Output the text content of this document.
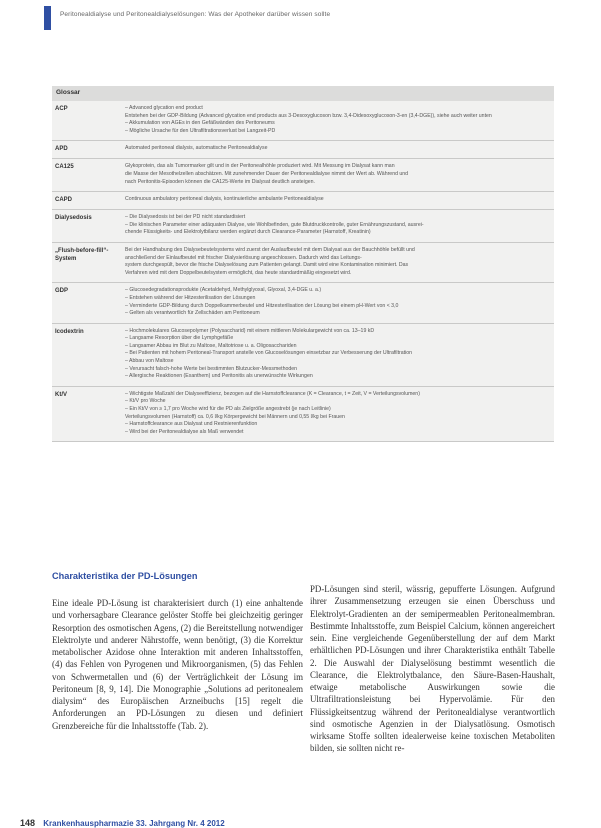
Peritonealdialyse und Peritonealdialyselösungen: Was der Apotheker darüber wissen sollte
Glossar
ACP	– Advanced glycation end product
Entstehen bei der GDP-Bildung (Advanced glycation end products aus 3-Desoxyglucoson bzw. 3,4-Didesoxyglucoson-3-en (3,4-DGE)), siehe auch weiter unten
– Akkumulation von AGEs in den Gefäßwänden des Peritoneums
– Mögliche Ursache für den Ultrafiltrationsverlust bei Langzeit-PD
APD	Automated peritoneal dialysis, automatische Peritonealdialyse
CA125	Glykoprotein, das als Tumormarker gilt und in der Peritonealhöhle produziert wird. Mit Messung im Dialysat kann man
die Masse der Mesothelzellen abschätzen. Mit zunehmender Dauer der Peritonealdialyse nimmt der Wert ab. Während und
nach Peritonitis-Episoden können die CA125-Werte im Dialysat deutlich ansteigen.
CAPD	Continuous ambulatory peritoneal dialysis, kontinuierliche ambulante Peritonealdialyse
Dialysedosis	– Die Dialysedosis ist bei der PD nicht standardisiert
– Die klinischen Parameter einer adäquaten Dialyse, wie Wohlbefinden, gute Blutdruckkontrolle, guter Ernährungszustand, ausrei-
chende Flüssigkeits- und Elektrolytbilanz werden ergänzt durch Clearance-Parameter (Harnstoff, Kreatinin)
„Flush-before-fill“-System
Bei der Handhabung des Dialysebeutelsystems wird zuerst der Auslaufbeutel mit dem Dialysat aus der Bauchhöhle befüllt und
anschließend der Einlaufbeutel mit frischer Dialysierlösung angeschlossen. Dadurch wird das Leitungs-
system durchgespült, bevor die frische Dialyselösung zum Patienten gelangt. Damit wird eine Kontamination minimiert. Das
Verfahren wird mit dem Doppelbeutelsystem ermöglicht, das heute standardmäßig eingesetzt wird.
GDP	– Glucosedegradationsprodukte (Acetaldehyd, Methylglyoxal, Glyoxal, 3,4-DGE u. a.)
– Entstehen während der Hitzesterilisation der Lösungen
– Verminderte GDP-Bildung durch Doppelkammerbeutel und Hitzesterilisation der Lösung bei einem pH-Wert von < 3,0
– Gelten als verantwortlich für Zellschäden am Peritoneum
Icodextrin	– Hochmolekulares Glucosepolymer (Polysaccharid) mit einem mittleren Molekulargewicht von ca. 13–19 kD
– Langsame Resorption über die Lymphgefäße
– Langsamer Abbau im Blut zu Maltose, Maltotriose u. a. Oligosacchariden
– Bei Patienten mit hohem Peritoneal-Transport anstelle von Glucoselösungen einsetzbar zur Verbesserung der Ultrafiltration
– Abbau von Maltose
– Verursacht falsch-hohe Werte bei bestimmten Blutzucker-Messmethoden
– Allergische Reaktionen (Exanthem) und Peritonitis als unerwünschte Wirkungen
Kt/V	– Wichtigste Maßzahl der Dialyseeffizienz, bezogen auf die Harnstoffclearance (K = Clearance, t = Zeit, V = Verteilungsvolumen)
– Kt/V pro Woche
– Ein Kt/V von ≥ 1,7 pro Woche wird für die PD als Zielgröße angestrebt (je nach Leitlinie)
Verteilungsvolumen (Harnstoff) ca. 0,6 l/kg Körpergewicht bei Männern und 0,55 l/kg bei Frauen
– Harnstoffclearance aus Dialysat und Restnierenfunktion
– Wird bei der Peritonealdialyse als Maß verwendet
Charakteristika der PD-Lösungen

Eine ideale PD-Lösung ist charakterisiert durch (1) eine anhaltende und vorhersagbare Clearance gelöster Stoffe bei gleichzeitig geringer Resorption des osmotischen Agens, (2) die Bereitstellung notwendiger Elektrolyte und anderer Nährstoffe, wenn benötigt, (3) die Korrektur metabolischer Azidose ohne Interaktion mit anderen Inhaltsstoffen, (4) das Fehlen von Pyrogenen und Mikroorganismen, (5) das Fehlen von Schwermetallen und (6) der Verträglichkeit der Lösung im Peritoneum [8, 9, 14]. Die Monographie „Solutions ad peritonealem dialysim“ des Europäischen Arzneibuchs [15] regelt die Anforderungen an PD-Lösungen zu diesen und definiert Grenzbereiche für die Inhaltsstoffe (Tab. 2).

PD-Lösungen sind steril, wässrig, gepufferte Lösungen. Aufgrund ihrer Zusammensetzung erzeugen sie einen Überschuss und Elektrolyt-Gradienten an der semipermeablen Peritonealmembran. Bestimmte Inhaltsstoffe, zum Beispiel Calcium, können angereichert sein. Eine vergleichende Gegenüberstellung der auf dem Markt erhältlichen PD-Lösungen und ihrer Charakteristika enthält Tabelle 2. Die Auswahl der Dialyselösung bestimmt wesentlich die Clearance, die Elektrolytbalance, den Säure-Basen-Haushalt, etwaige metabolische Auswirkungen sowie die Ultrafiltrationsleistung bei Hypervolämie. Für den Flüssigkeitsentzug während der Peritonealdialyse verantwortlich sind osmotische Agenzien in der Dialysatlösung. Osmotisch wirksame Stoffe sollten idealerweise keine toxischen Metaboliten bilden, sie sollten nicht re-

148 Krankenhauspharmazie 33. Jahrgang Nr. 4 2012
